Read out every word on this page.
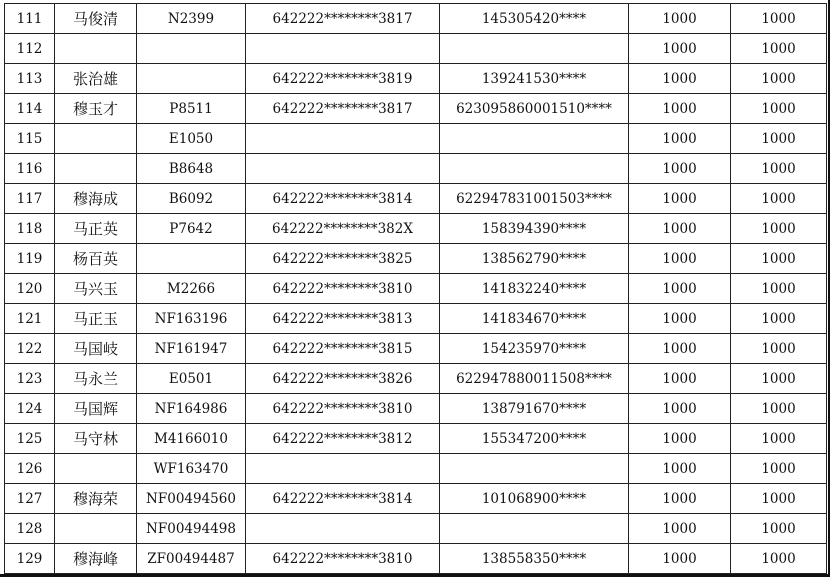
111	马俊清	N2399	642222********3817	145305420****	1000	1000
112					1000	1000
113	张治雄		642222********3819	139241530****	1000	1000
114	穆玉才	P8511	642222********3817	623095860001510****	1000	1000
115		E1050			1000	1000
116		B8648			1000	1000
117	穆海成	B6092	642222********3814	622947831001503****	1000	1000
118	马正英	P7642	642222********382X	158394390****	1000	1000
119	杨百英		642222********3825	138562790****	1000	1000
120	马兴玉	M2266	642222********3810	141832240****	1000	1000
121	马正玉	NF163196	642222********3813	141834670****	1000	1000
122	马国岐	NF161947	642222********3815	154235970****	1000	1000
123	马永兰	E0501	642222********3826	622947880011508****	1000	1000
124	马国辉	NF164986	642222********3810	138791670****	1000	1000
125	马守林	M4166010	642222********3812	155347200****	1000	1000
126		WF163470			1000	1000
127	穆海荣	NF00494560	642222********3814	101068900****	1000	1000
128		NF00494498			1000	1000
129	穆海峰	ZF00494487	642222********3810	138558350****	1000	1000
